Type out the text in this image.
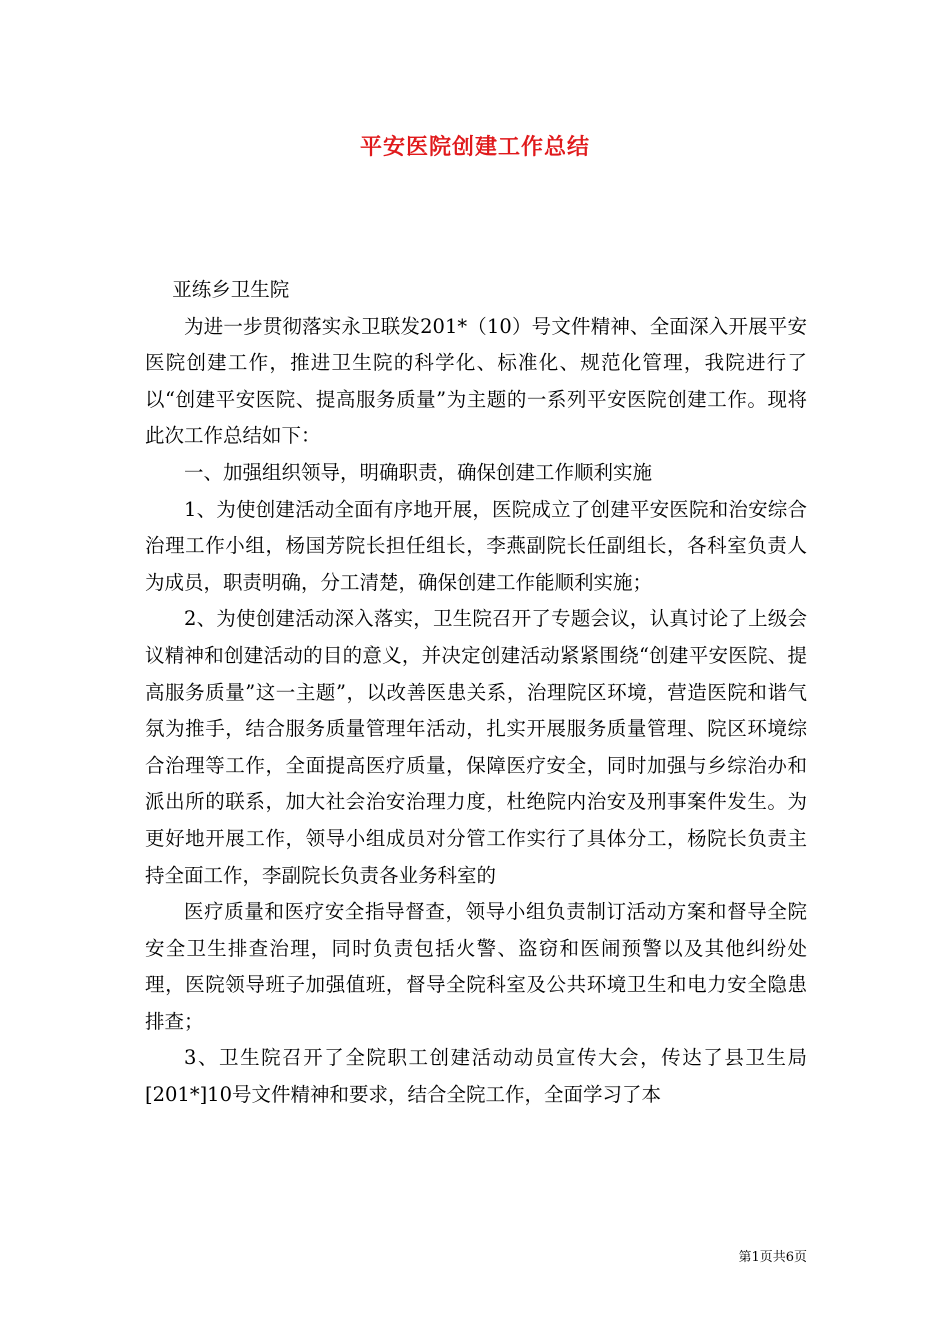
平安医院创建工作总结

亚练乡卫生院

为进一步贯彻落实永卫联发201*（10）号文件精神、全面深入开展平安医院创建工作，推进卫生院的科学化、标准化、规范化管理，我院进行了以“创建平安医院、提高服务质量”为主题的一系列平安医院创建工作。现将此次工作总结如下：

一、加强组织领导，明确职责，确保创建工作顺利实施

1、为使创建活动全面有序地开展，医院成立了创建平安医院和治安综合治理工作小组，杨国芳院长担任组长，李燕副院长任副组长，各科室负责人为成员，职责明确，分工清楚，确保创建工作能顺利实施；

2、为使创建活动深入落实，卫生院召开了专题会议，认真讨论了上级会议精神和创建活动的目的意义，并决定创建活动紧紧围绕“创建平安医院、提高服务质量”这一主题”，以改善医患关系，治理院区环境，营造医院和谐气氛为推手，结合服务质量管理年活动，扎实开展服务质量管理、院区环境综合治理等工作，全面提高医疗质量，保障医疗安全，同时加强与乡综治办和派出所的联系，加大社会治安治理力度，杜绝院内治安及刑事案件发生。为更好地开展工作，领导小组成员对分管工作实行了具体分工，杨院长负责主持全面工作，李副院长负责各业务科室的

医疗质量和医疗安全指导督查，领导小组负责制订活动方案和督导全院安全卫生排查治理，同时负责包括火警、盗窃和医闹预警以及其他纠纷处理，医院领导班子加强值班，督导全院科室及公共环境卫生和电力安全隐患排查；

3、卫生院召开了全院职工创建活动动员宣传大会，传达了县卫生局[201*]10号文件精神和要求，结合全院工作，全面学习了本

第1页共6页
